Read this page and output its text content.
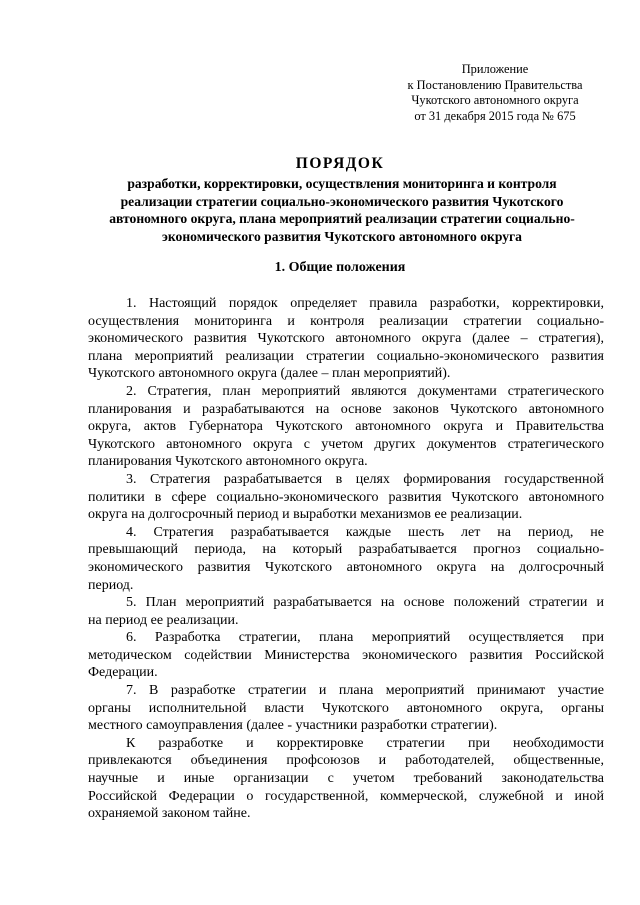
Приложение
к Постановлению Правительства
Чукотского автономного округа
от 31 декабря 2015 года № 675
ПОРЯДОК
разработки, корректировки, осуществления мониторинга и контроля
реализации стратегии социально-экономического развития Чукотского
автономного округа, плана мероприятий реализации стратегии социально-
экономического развития Чукотского автономного округа
1. Общие положения
1. Настоящий порядок определяет правила разработки, корректировки,
осуществления мониторинга и контроля реализации стратегии социально-
экономического развития Чукотского автономного округа (далее – стратегия),
плана мероприятий реализации стратегии социально-экономического развития
Чукотского автономного округа (далее – план мероприятий).
2. Стратегия, план мероприятий являются документами стратегического
планирования и разрабатываются на основе законов Чукотского автономного
округа, актов Губернатора Чукотского автономного округа и Правительства
Чукотского автономного округа с учетом других документов стратегического
планирования Чукотского автономного округа.
3. Стратегия разрабатывается в целях формирования государственной
политики в сфере социально-экономического развития Чукотского автономного
округа на долгосрочный период и выработки механизмов ее реализации.
4. Стратегия разрабатывается каждые шесть лет на период, не
превышающий периода, на который разрабатывается прогноз социально-
экономического развития Чукотского автономного округа на долгосрочный
период.
5. План мероприятий разрабатывается на основе положений стратегии и
на период ее реализации.
6. Разработка стратегии, плана мероприятий осуществляется при
методическом содействии Министерства экономического развития Российской
Федерации.
7. В разработке стратегии и плана мероприятий принимают участие
органы исполнительной власти Чукотского автономного округа, органы
местного самоуправления (далее - участники разработки стратегии).
К разработке и корректировке стратегии при необходимости
привлекаются объединения профсоюзов и работодателей, общественные,
научные и иные организации с учетом требований законодательства
Российской Федерации о государственной, коммерческой, служебной и иной
охраняемой законом тайне.
